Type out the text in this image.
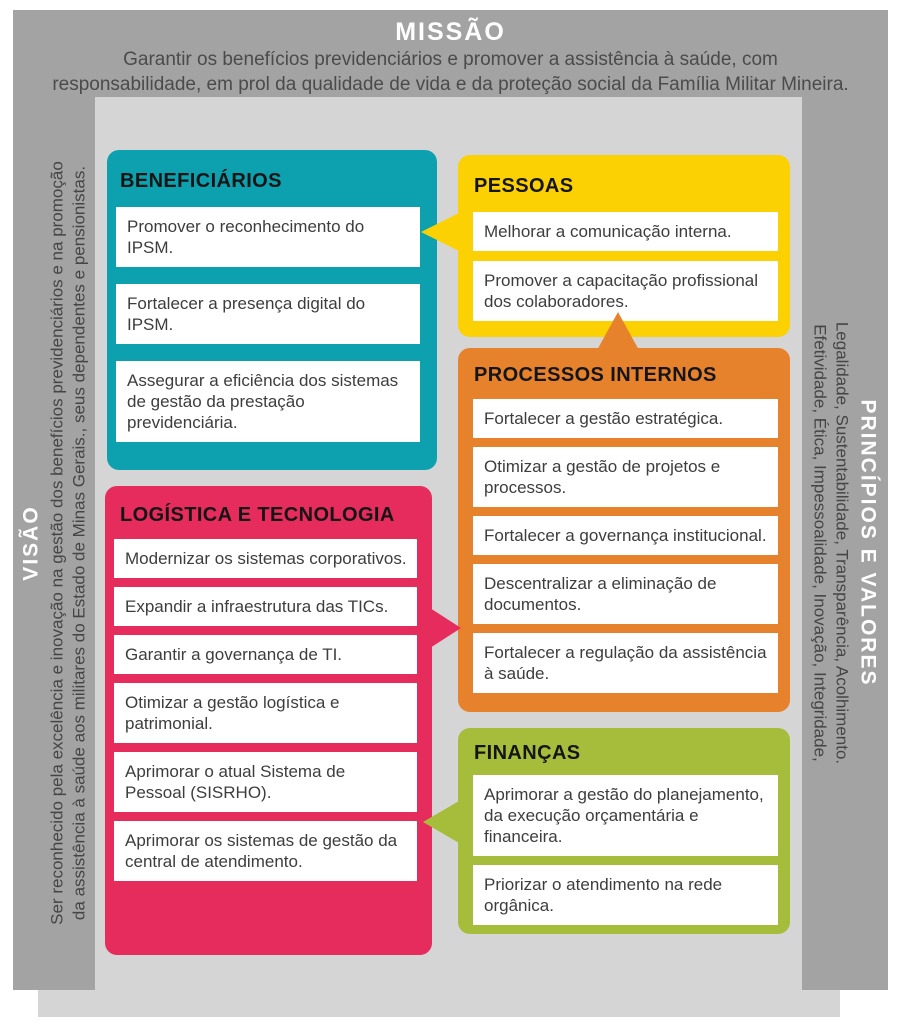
MISSÃO
Garantir os benefícios previdenciários e promover a assistência à saúde, com
responsabilidade, em prol da qualidade de vida e da proteção social da Família Militar Mineira.
VISÃO Ser reconhecido pela excelência e inovação na gestão dos benefícios previdenciários e na promoção da assistência à saúde aos militares do Estado de Minas Gerais., seus dependentes e pensionistas.	PRINCÍPIOS E VALORES
Legalidade, Sustentabilidade, Transparência, Acolhimento.
Efetividade, Ética, Impessoalidade, Inovação, Integridade,
BENEFICIÁRIOS
Promover o reconhecimento do IPSM.
Fortalecer a presença digital do IPSM.
Assegurar a eficiência dos sistemas de gestão da prestação previdenciária.
PESSOAS
Melhorar a comunicação interna.
Promover a capacitação profissional dos colaboradores.
PROCESSOS INTERNOS
Fortalecer a gestão estratégica.
Otimizar a gestão de projetos e processos.
Fortalecer a governança institucional.
Descentralizar a eliminação de documentos.
Fortalecer a regulação da assistência à saúde.
LOGÍSTICA E TECNOLOGIA
Modernizar os sistemas corporativos.
Expandir a infraestrutura das TICs.
Garantir a governança de TI.
Otimizar a gestão logística e patrimonial.
Aprimorar o atual Sistema de Pessoal (SISRHO).
Aprimorar os sistemas de gestão da central de atendimento.
FINANÇAS
Aprimorar a gestão do planejamento, da execução orçamentária e financeira.
Priorizar o atendimento na rede orgânica.
